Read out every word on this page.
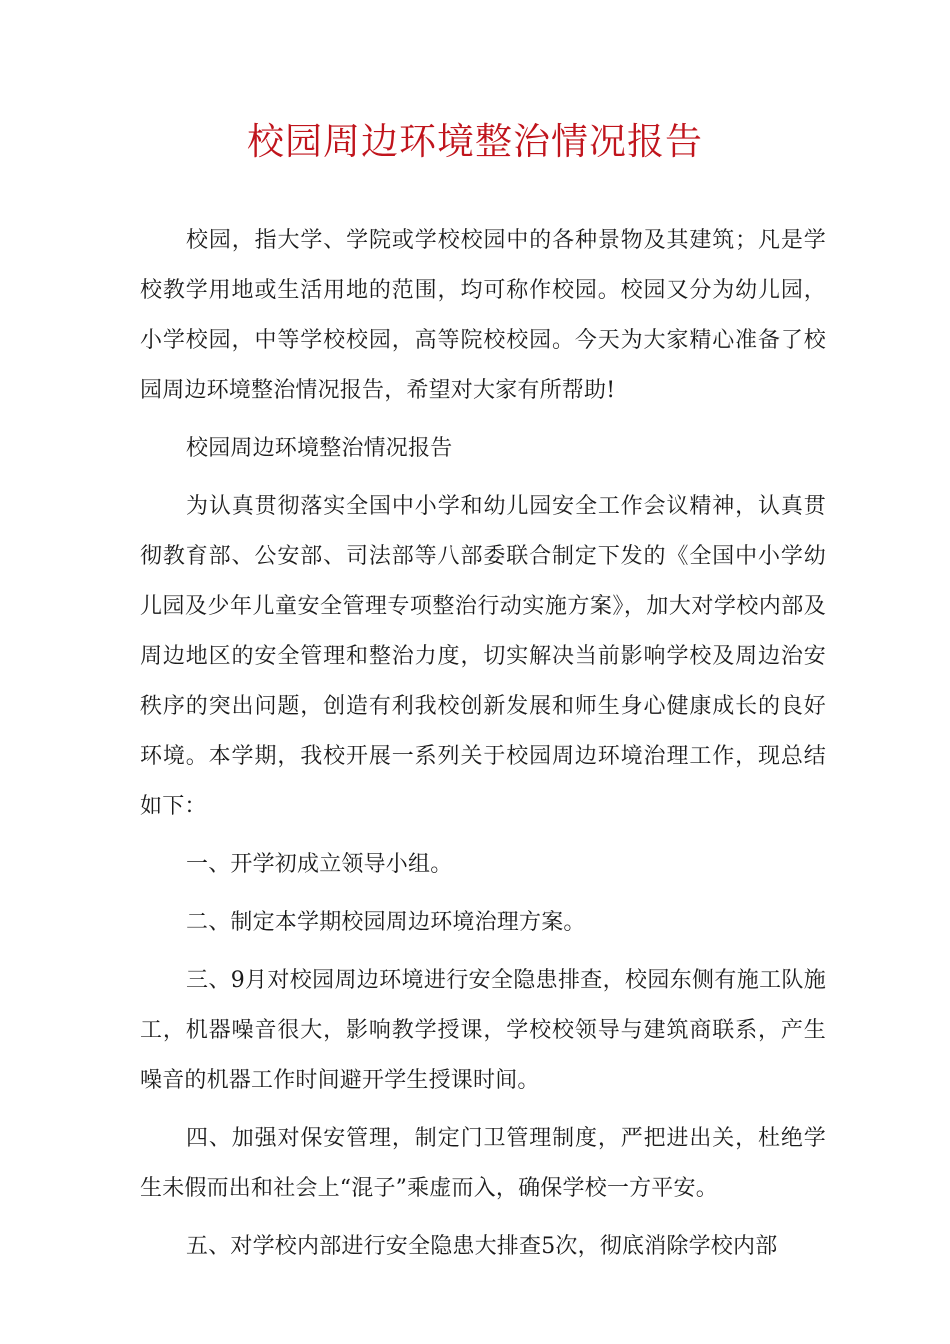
校园周边环境整治情况报告

校园，指大学、学院或学校校园中的各种景物及其建筑；凡是学校教学用地或生活用地的范围，均可称作校园。校园又分为幼儿园，小学校园，中等学校校园，高等院校校园。今天为大家精心准备了校园周边环境整治情况报告，希望对大家有所帮助!

校园周边环境整治情况报告

为认真贯彻落实全国中小学和幼儿园安全工作会议精神，认真贯彻教育部、公安部、司法部等八部委联合制定下发的《全国中小学幼儿园及少年儿童安全管理专项整治行动实施方案》，加大对学校内部及周边地区的安全管理和整治力度，切实解决当前影响学校及周边治安秩序的突出问题，创造有利我校创新发展和师生身心健康成长的良好环境。本学期，我校开展一系列关于校园周边环境治理工作，现总结如下：

一、开学初成立领导小组。

二、制定本学期校园周边环境治理方案。

三、9月对校园周边环境进行安全隐患排查，校园东侧有施工队施工，机器噪音很大，影响教学授课，学校校领导与建筑商联系，产生噪音的机器工作时间避开学生授课时间。

四、加强对保安管理，制定门卫管理制度，严把进出关，杜绝学生未假而出和社会上“混子”乘虚而入，确保学校一方平安。

五、对学校内部进行安全隐患大排查5次，彻底消除学校内部
